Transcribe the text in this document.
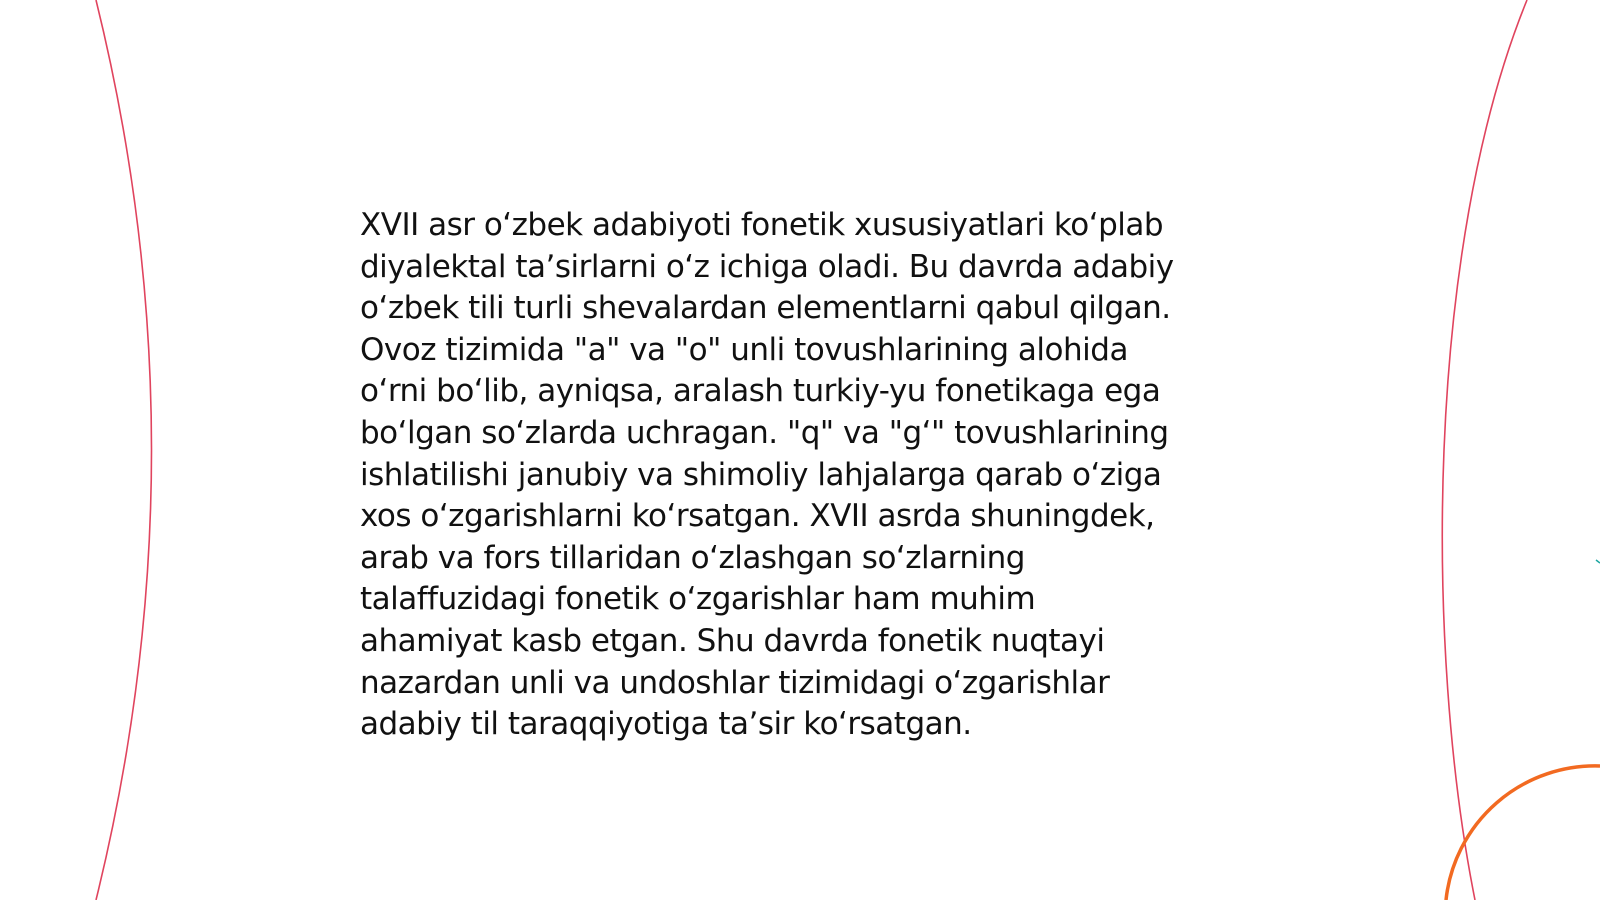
XVII asr o‘zbek adabiyoti fonetik xususiyatlari ko‘plab
diyalektal ta’sirlarni o‘z ichiga oladi. Bu davrda adabiy
o‘zbek tili turli shevalardan elementlarni qabul qilgan.
Ovoz tizimida "a" va "o" unli tovushlarining alohida
o‘rni bo‘lib, ayniqsa, aralash turkiy-yu fonetikaga ega
bo‘lgan so‘zlarda uchragan. "q" va "g‘" tovushlarining
ishlatilishi janubiy va shimoliy lahjalarga qarab o‘ziga
xos o‘zgarishlarni ko‘rsatgan. XVII asrda shuningdek,
arab va fors tillaridan o‘zlashgan so‘zlarning
talaffuzidagi fonetik o‘zgarishlar ham muhim
ahamiyat kasb etgan. Shu davrda fonetik nuqtayi
nazardan unli va undoshlar tizimidagi o‘zgarishlar
adabiy til taraqqiyotiga ta’sir ko‘rsatgan.
